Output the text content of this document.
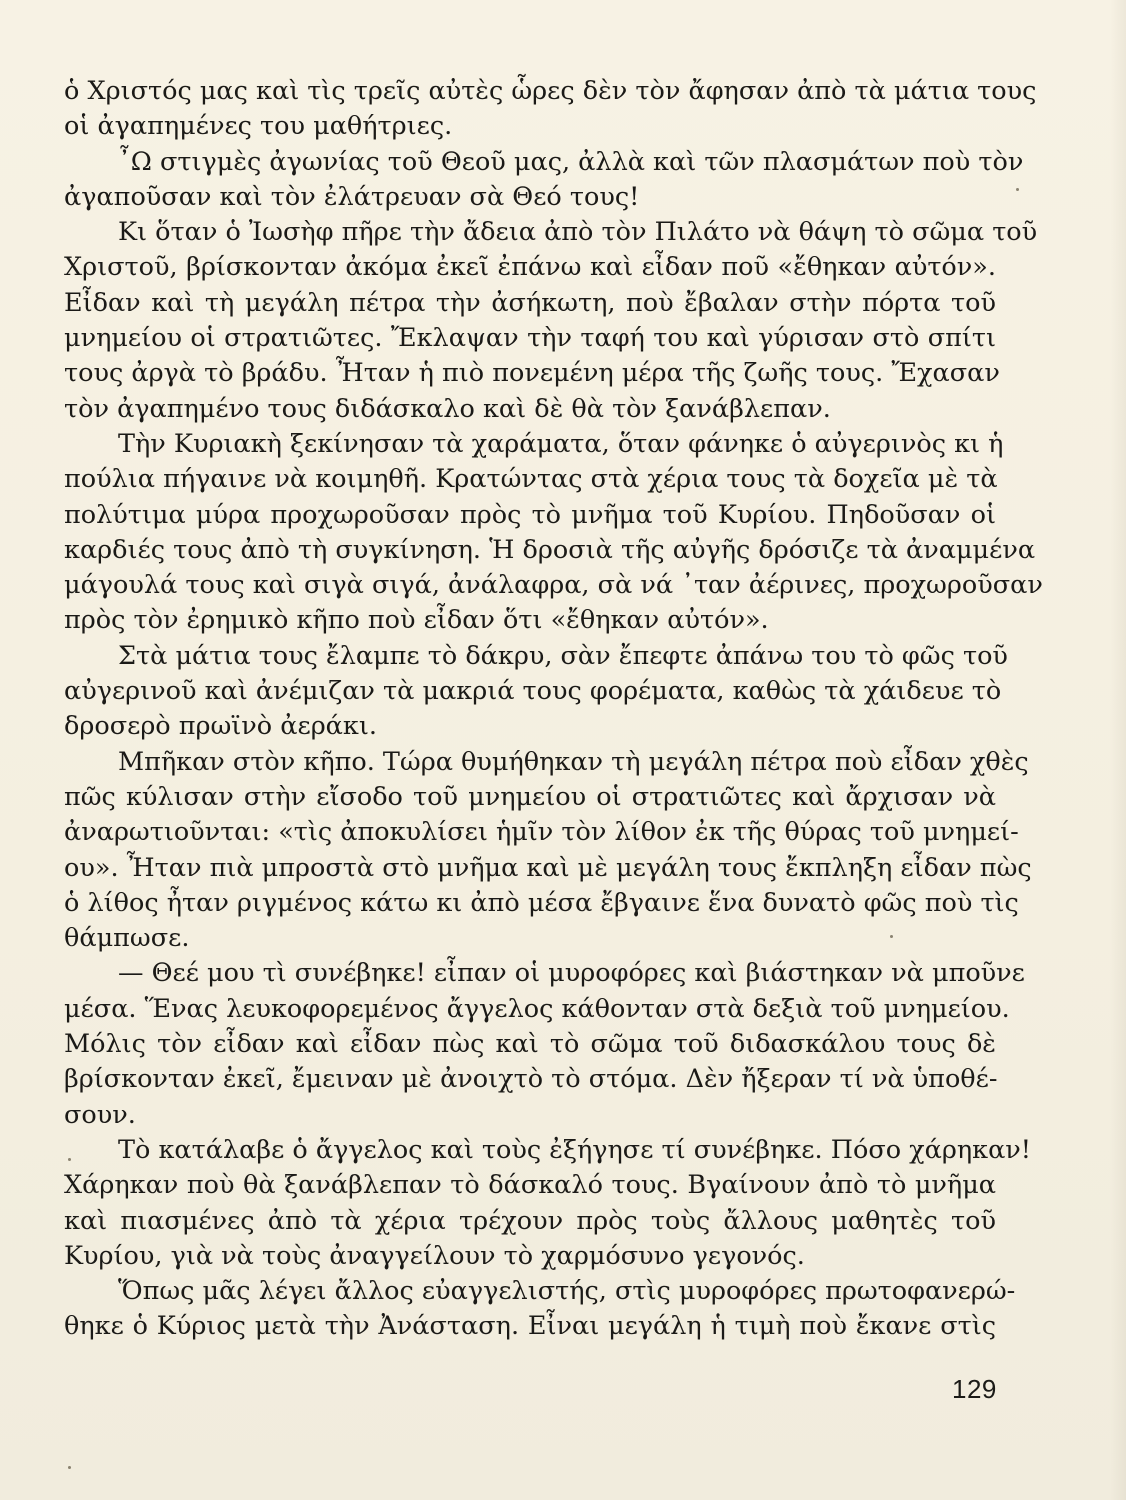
ὁ Χριστός μας καὶ τὶς τρεῖς αὐτὲς ὧρες δὲν τὸν ἄφησαν ἀπὸ τὰ μάτια τους
οἱ ἀγαπημένες του μαθήτριες.
῏Ω στιγμὲς ἀγωνίας τοῦ Θεοῦ μας, ἀλλὰ καὶ τῶν πλασμάτων ποὺ τὸν
ἀγαποῦσαν καὶ τὸν ἐλάτρευαν σὰ Θεό τους!
Κι ὅταν ὁ Ἰωσὴφ πῆρε τὴν ἄδεια ἀπὸ τὸν Πιλάτο νὰ θάψη τὸ σῶμα τοῦ
Χριστοῦ, βρίσκονταν ἀκόμα ἐκεῖ ἐπάνω καὶ εἶδαν ποῦ «ἔθηκαν αὐτόν».
Εἶδαν καὶ τὴ μεγάλη πέτρα τὴν ἀσήκωτη, ποὺ ἔβαλαν στὴν πόρτα τοῦ
μνημείου οἱ στρατιῶτες. Ἔκλαψαν τὴν ταφή του καὶ γύρισαν στὸ σπίτι
τους ἀργὰ τὸ βράδυ. Ἦταν ἡ πιὸ πονεμένη μέρα τῆς ζωῆς τους. Ἔχασαν
τὸν ἀγαπημένο τους διδάσκαλο καὶ δὲ θὰ τὸν ξανάβλεπαν.
Τὴν Κυριακὴ ξεκίνησαν τὰ χαράματα, ὅταν φάνηκε ὁ αὐγερινὸς κι ἡ
πούλια πήγαινε νὰ κοιμηθῆ. Κρατώντας στὰ χέρια τους τὰ δοχεῖα μὲ τὰ
πολύτιμα μύρα προχωροῦσαν πρὸς τὸ μνῆμα τοῦ Κυρίου. Πηδοῦσαν οἱ
καρδιές τους ἀπὸ τὴ συγκίνηση. Ἡ δροσιὰ τῆς αὐγῆς δρόσιζε τὰ ἀναμμένα
μάγουλά τους καὶ σιγὰ σιγά, ἀνάλαφρα, σὰ νά ᾿ταν ἀέρινες, προχωροῦσαν
πρὸς τὸν ἐρημικὸ κῆπο ποὺ εἶδαν ὅτι «ἔθηκαν αὐτόν».
Στὰ μάτια τους ἔλαμπε τὸ δάκρυ, σὰν ἔπεφτε ἀπάνω του τὸ φῶς τοῦ
αὐγερινοῦ καὶ ἀνέμιζαν τὰ μακριά τους φορέματα, καθὼς τὰ χάιδευε τὸ
δροσερὸ πρωϊνὸ ἀεράκι.
Μπῆκαν στὸν κῆπο. Τώρα θυμήθηκαν τὴ μεγάλη πέτρα ποὺ εἶδαν χθὲς
πῶς κύλισαν στὴν εἴσοδο τοῦ μνημείου οἱ στρατιῶτες καὶ ἄρχισαν νὰ
ἀναρωτιοῦνται: «τὶς ἀποκυλίσει ἡμῖν τὸν λίθον ἐκ τῆς θύρας τοῦ μνημεί-
ου». Ἦταν πιὰ μπροστὰ στὸ μνῆμα καὶ μὲ μεγάλη τους ἔκπληξη εἶδαν πὼς
ὁ λίθος ἦταν ριγμένος κάτω κι ἀπὸ μέσα ἔβγαινε ἕνα δυνατὸ φῶς ποὺ τὶς
θάμπωσε.
— Θεέ μου τὶ συνέβηκε! εἶπαν οἱ μυροφόρες καὶ βιάστηκαν νὰ μποῦνε
μέσα. Ἕνας λευκοφορεμένος ἄγγελος κάθονταν στὰ δεξιὰ τοῦ μνημείου.
Μόλις τὸν εἶδαν καὶ εἶδαν πὼς καὶ τὸ σῶμα τοῦ διδασκάλου τους δὲ
βρίσκονταν ἐκεῖ, ἔμειναν μὲ ἀνοιχτὸ τὸ στόμα. Δὲν ἤξεραν τί νὰ ὑποθέ-
σουν.
Τὸ κατάλαβε ὁ ἄγγελος καὶ τοὺς ἐξήγησε τί συνέβηκε. Πόσο χάρηκαν!
Χάρηκαν ποὺ θὰ ξανάβλεπαν τὸ δάσκαλό τους. Βγαίνουν ἀπὸ τὸ μνῆμα
καὶ πιασμένες ἀπὸ τὰ χέρια τρέχουν πρὸς τοὺς ἄλλους μαθητὲς τοῦ
Κυρίου, γιὰ νὰ τοὺς ἀναγγείλουν τὸ χαρμόσυνο γεγονός.
Ὅπως μᾶς λέγει ἄλλος εὐαγγελιστής, στὶς μυροφόρες πρωτοφανερώ-
θηκε ὁ Κύριος μετὰ τὴν Ἀνάσταση. Εἶναι μεγάλη ἡ τιμὴ ποὺ ἔκανε στὶς
129
